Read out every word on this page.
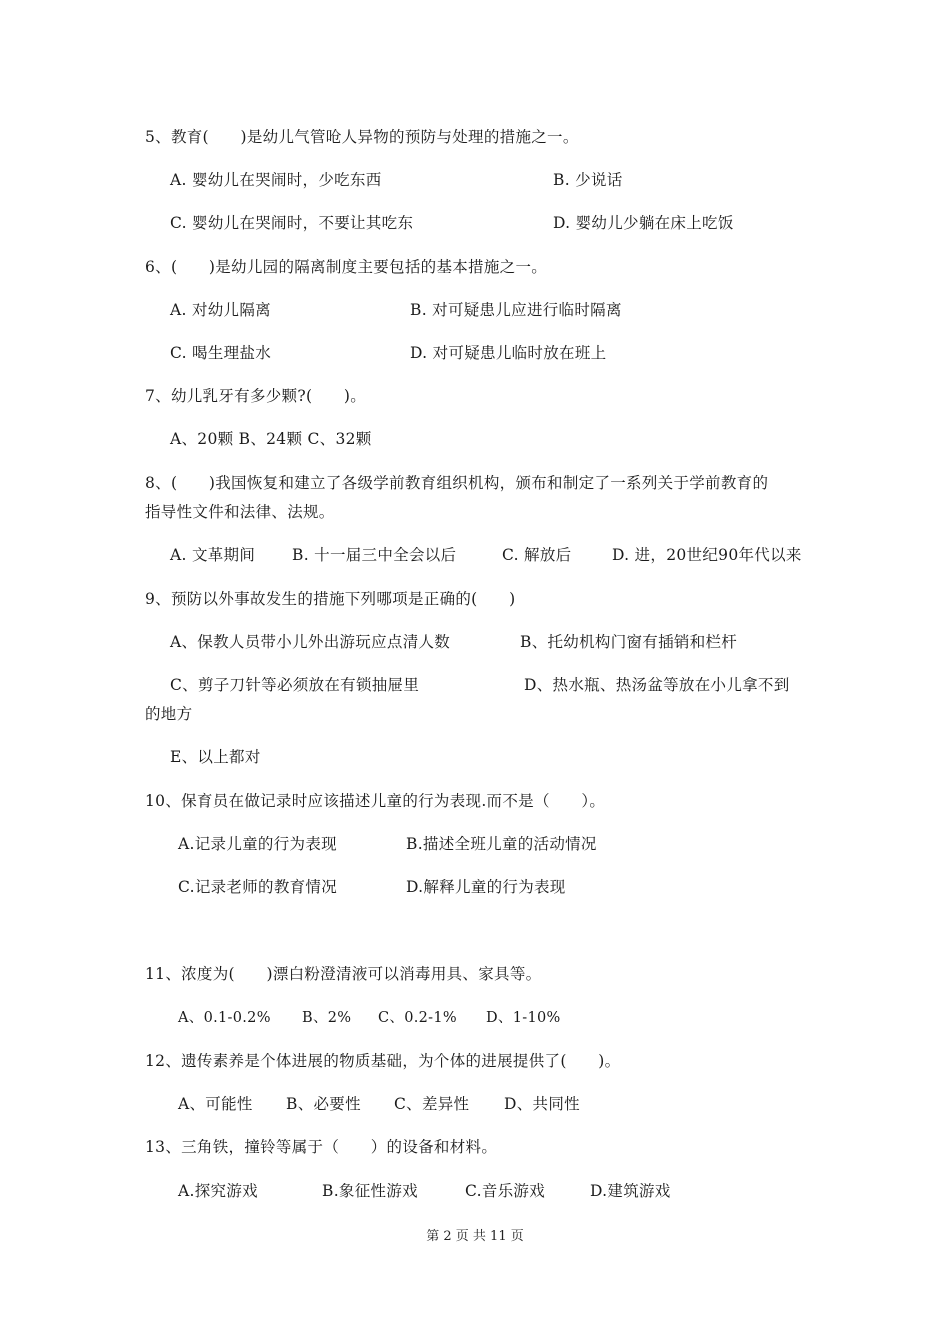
5、教育(　　)是幼儿气管呛人异物的预防与处理的措施之一。
A. 婴幼儿在哭闹时，少吃东西	B. 少说话
C. 婴幼儿在哭闹时，不要让其吃东	D. 婴幼儿少躺在床上吃饭
6、(　　)是幼儿园的隔离制度主要包括的基本措施之一。
A. 对幼儿隔离	B. 对可疑患儿应进行临时隔离
C. 喝生理盐水	D. 对可疑患儿临时放在班上
7、幼儿乳牙有多少颗?(　　)。
A、20颗 B、24颗 C、32颗
8、(　　)我国恢复和建立了各级学前教育组织机构，颁布和制定了一系列关于学前教育的
指导性文件和法律、法规。
A. 文革期间 B. 十一届三中全会以后	C. 解放后	D. 进，20世纪90年代以来
9、预防以外事故发生的措施下列哪项是正确的(　　)
A、保教人员带小儿外出游玩应点清人数	B、托幼机构门窗有插销和栏杆
C、剪子刀针等必须放在有锁抽屉里	D、热水瓶、热汤盆等放在小儿拿不到
的地方
E、以上都对
10、保育员在做记录时应该描述儿童的行为表现.而不是（　　）。
A.记录儿童的行为表现	B.描述全班儿童的活动情况
C.记录老师的教育情况	D.解释儿童的行为表现
11、浓度为(　　)漂白粉澄清液可以消毒用具、家具等。
A、0.1-0.2% B、2% C、0.2-1% D、1-10%
12、遗传素养是个体进展的物质基础，为个体的进展提供了(　　)。
A、可能性 B、必要性 C、差异性 D、共同性
13、三角铁，撞铃等属于（　　）的设备和材料。
A.探究游戏	B.象征性游戏	C.音乐游戏	D.建筑游戏
第 2 页 共 11 页
